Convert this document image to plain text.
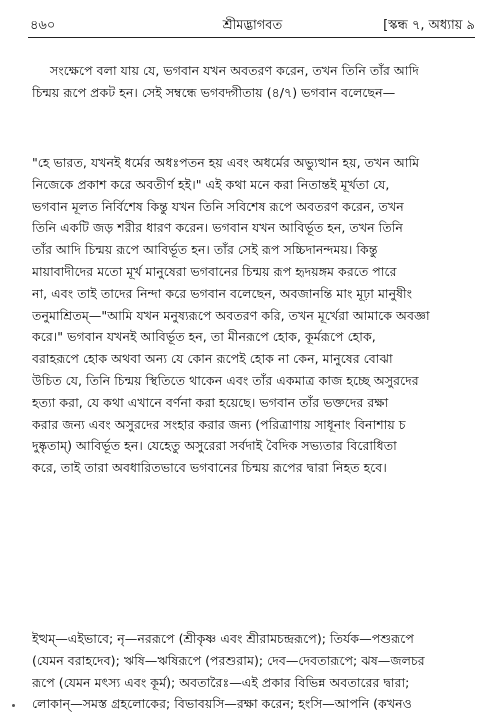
৪৬০	শ্রীমদ্ভাগবত	[স্কন্ধ ৭, অধ্যায় ৯
সংক্ষেপে বলা যায় যে, ভগবান যখন অবতরণ করেন, তখন তিনি তাঁর আদি
চিন্ময় রূপে প্রকট হন। সেই সম্বন্ধে ভগবদ্গীতায় (৪/৭) ভগবান বলেছেন—
"হে ভারত, যখনই ধর্মের অধঃপতন হয় এবং অধর্মের অভ্যুত্থান হয়, তখন আমি
নিজেকে প্রকাশ করে অবতীর্ণ হই।" এই কথা মনে করা নিতান্তই মূর্খতা যে,
ভগবান মূলত নির্বিশেষ কিন্তু যখন তিনি সবিশেষ রূপে অবতরণ করেন, তখন
তিনি একটি জড় শরীর ধারণ করেন। ভগবান যখন আবির্ভূত হন, তখন তিনি
তাঁর আদি চিন্ময় রূপে আবির্ভূত হন। তাঁর সেই রূপ সচ্চিদানন্দময়। কিন্তু
মায়াবাদীদের মতো মূর্খ মানুষেরা ভগবানের চিন্ময় রূপ হৃদয়ঙ্গম করতে পারে
না, এবং তাই তাদের নিন্দা করে ভগবান বলেছেন, অবজানন্তি মাং মূঢ়া মানুষীং
তনুমাশ্রিতম্—"আমি যখন মনুষ্যরূপে অবতরণ করি, তখন মূর্খেরা আমাকে অবজ্ঞা
করে।" ভগবান যখনই আবির্ভূত হন, তা মীনরূপে হোক, কূর্মরূপে হোক,
বরাহরূপে হোক অথবা অন্য যে কোন রূপেই হোক না কেন, মানুষের বোঝা
উচিত যে, তিনি চিন্ময় স্থিতিতে থাকেন এবং তাঁর একমাত্র কাজ হচ্ছে অসুরদের
হত্যা করা, যে কথা এখানে বর্ণনা করা হয়েছে। ভগবান তাঁর ভক্তদের রক্ষা
করার জন্য এবং অসুরদের সংহার করার জন্য (পরিত্রাণায় সাধূনাং বিনাশায় চ
দুষ্কৃতাম্) আবির্ভূত হন। যেহেতু অসুরেরা সর্বদাই বৈদিক সভ্যতার বিরোধিতা
করে, তাই তারা অবধারিতভাবে ভগবানের চিন্ময় রূপের দ্বারা নিহত হবে।
ইত্থম্—এইভাবে; নৃ—নররূপে (শ্রীকৃষ্ণ এবং শ্রীরামচন্দ্ররূপে); তির্যক—পশুরূপে
(যেমন বরাহদেব); ঋষি—ঋষিরূপে (পরশুরাম); দেব—দেবতারূপে; ঝষ—জলচর
রূপে (যেমন মৎস্য এবং কূর্ম); অবতারৈঃ—এই প্রকার বিভিন্ন অবতারের দ্বারা;
লোকান্—সমস্ত গ্রহলোকের; বিভাবয়সি—রক্ষা করেন; হংসি—আপনি (কখনও
